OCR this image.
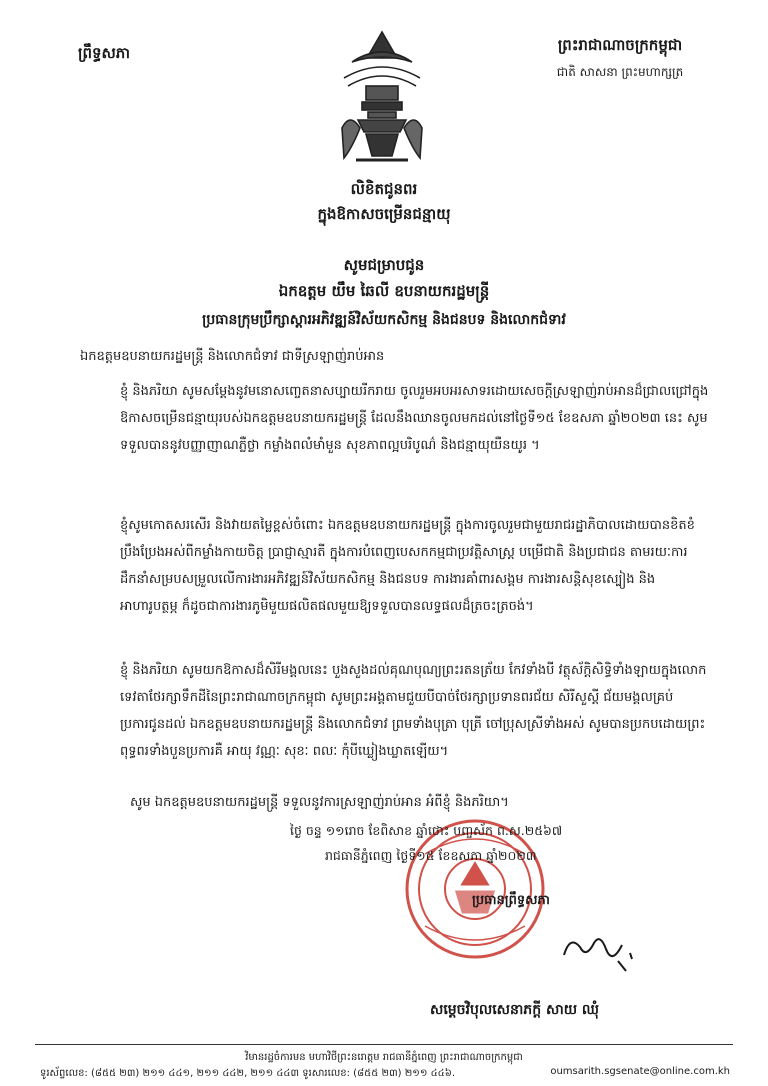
ព្រឹទ្ធសភា	ព្រះរាជាណាចក្រកម្ពុជា
ជាតិ សាសនា ព្រះមហាក្សត្រ
លិខិតជូនពរ
ក្នុងឱកាសចម្រើនជន្មាយុ
សូមជម្រាបជូន
ឯកឧត្តម យឹម ឆៃលី ឧបនាយករដ្ឋមន្ត្រី
ប្រធានក្រុមប្រឹក្សាស្តារអភិវឌ្ឍន៍វិស័យកសិកម្ម និងជនបទ និងលោកជំទាវ
ឯកឧត្តមឧបនាយករដ្ឋមន្ត្រី និងលោកជំទាវ ជាទីស្រឡាញ់រាប់អាន
ខ្ញុំ និងភរិយា សូមសម្តែងនូវមនោសញ្ចេតនាសប្បាយរីករាយ ចូលរួមអបអរសាទរដោយសេចក្តីស្រឡាញ់រាប់អានដ៏ជ្រាលជ្រៅក្នុងឱកាសចម្រើនជន្មាយុរបស់ឯកឧត្តមឧបនាយករដ្ឋមន្ត្រី ដែលនឹងឈានចូលមកដល់នៅថ្ងៃទី១៥ ខែឧសភា ឆ្នាំ២០២៣ នេះ សូមទទួលបាននូវបញ្ញាញាណភ្លឺថ្លា កម្លាំងពលំមាំមួន សុខភាពល្អបរិបូណ៌ និងជន្មាយុយឺនយូរ ។
ខ្ញុំសូមកោតសរសើរ និងវាយតម្លៃខ្ពស់ចំពោះ ឯកឧត្តមឧបនាយករដ្ឋមន្ត្រី ក្នុងការចូលរួមជាមួយរាជរដ្ឋាភិបាលដោយបានខិតខំប្រឹងប្រែងអស់ពីកម្លាំងកាយចិត្ត ប្រាជ្ញាស្មារតី ក្នុងការបំពេញបេសកកម្មជាប្រវត្តិសាស្ត្រ បម្រើជាតិ និងប្រជាជន តាមរយៈការដឹកនាំសម្របសម្រួលលើការងារអភិវឌ្ឍន៍វិស័យកសិកម្ម និងជនបទ ការងារគាំពារសង្គម ការងារសន្តិសុខស្បៀង និងអាហារូបត្ថម្ភ ក៏ដូចជាការងារភូមិមួយផលិតផលមួយឱ្យទទួលបានលទ្ធផលដ៏ត្រចះត្រចង់។
ខ្ញុំ និងភរិយា សូមយកឱកាសដ៏សិរីមង្គលនេះ បួងសួងដល់គុណបុណ្យព្រះរតនត្រ័យ កែវទាំងបី វត្ថុស័ក្តិសិទ្ធិទាំងឡាយក្នុងលោក ទេវតាថែរក្សាទឹកដីនៃព្រះរាជាណាចក្រកម្ពុជា សូមព្រះអង្គតាមជួយបីបាច់ថែរក្សាប្រទានពរជ័យ សិរីសួស្តី ជ័យមង្គលគ្រប់ប្រការជូនដល់ ឯកឧត្តមឧបនាយករដ្ឋមន្ត្រី និងលោកជំទាវ ព្រមទាំងបុត្រា បុត្រី ចៅប្រុសស្រីទាំងអស់ សូមបានប្រកបដោយព្រះពុទ្ធពរទាំងបួនប្រការគឺ អាយុ វណ្ណៈ សុខៈ ពលៈ កុំបីឃ្លៀងឃ្លាតឡើយ។
សូម ឯកឧត្តមឧបនាយករដ្ឋមន្ត្រី ទទួលនូវការស្រឡាញ់រាប់អាន អំពីខ្ញុំ និងភរិយា។
ថ្ងៃ ចន្ទ ១១រោច ខែពិសាខ ឆ្នាំថោះ បញ្ចស័ក ព.ស.២៥៦៧
រាជធានីភ្នំពេញ ថ្ងៃទី១៥ ខែឧសភា ឆ្នាំ២០២៣
ប្រធានព្រឹទ្ធសភា
សម្តេចវិបុលសេនាភក្តី សាយ ឈុំ
វិមានរដ្ឋចំការមន មហាវិថីព្រះនរោត្តម រាជធានីភ្នំពេញ ព្រះរាជាណាចក្រកម្ពុជា
ទូរស័ព្ទលេខ: (៨៥៥ ២៣) ២១១ ៤៤១, ២១១ ៤៤២, ២១១ ៤៤៣ ទូរសារលេខ: (៨៥៥ ២៣) ២១១ ៤៤៦.	oumsarith.sgsenate@online.com.kh
